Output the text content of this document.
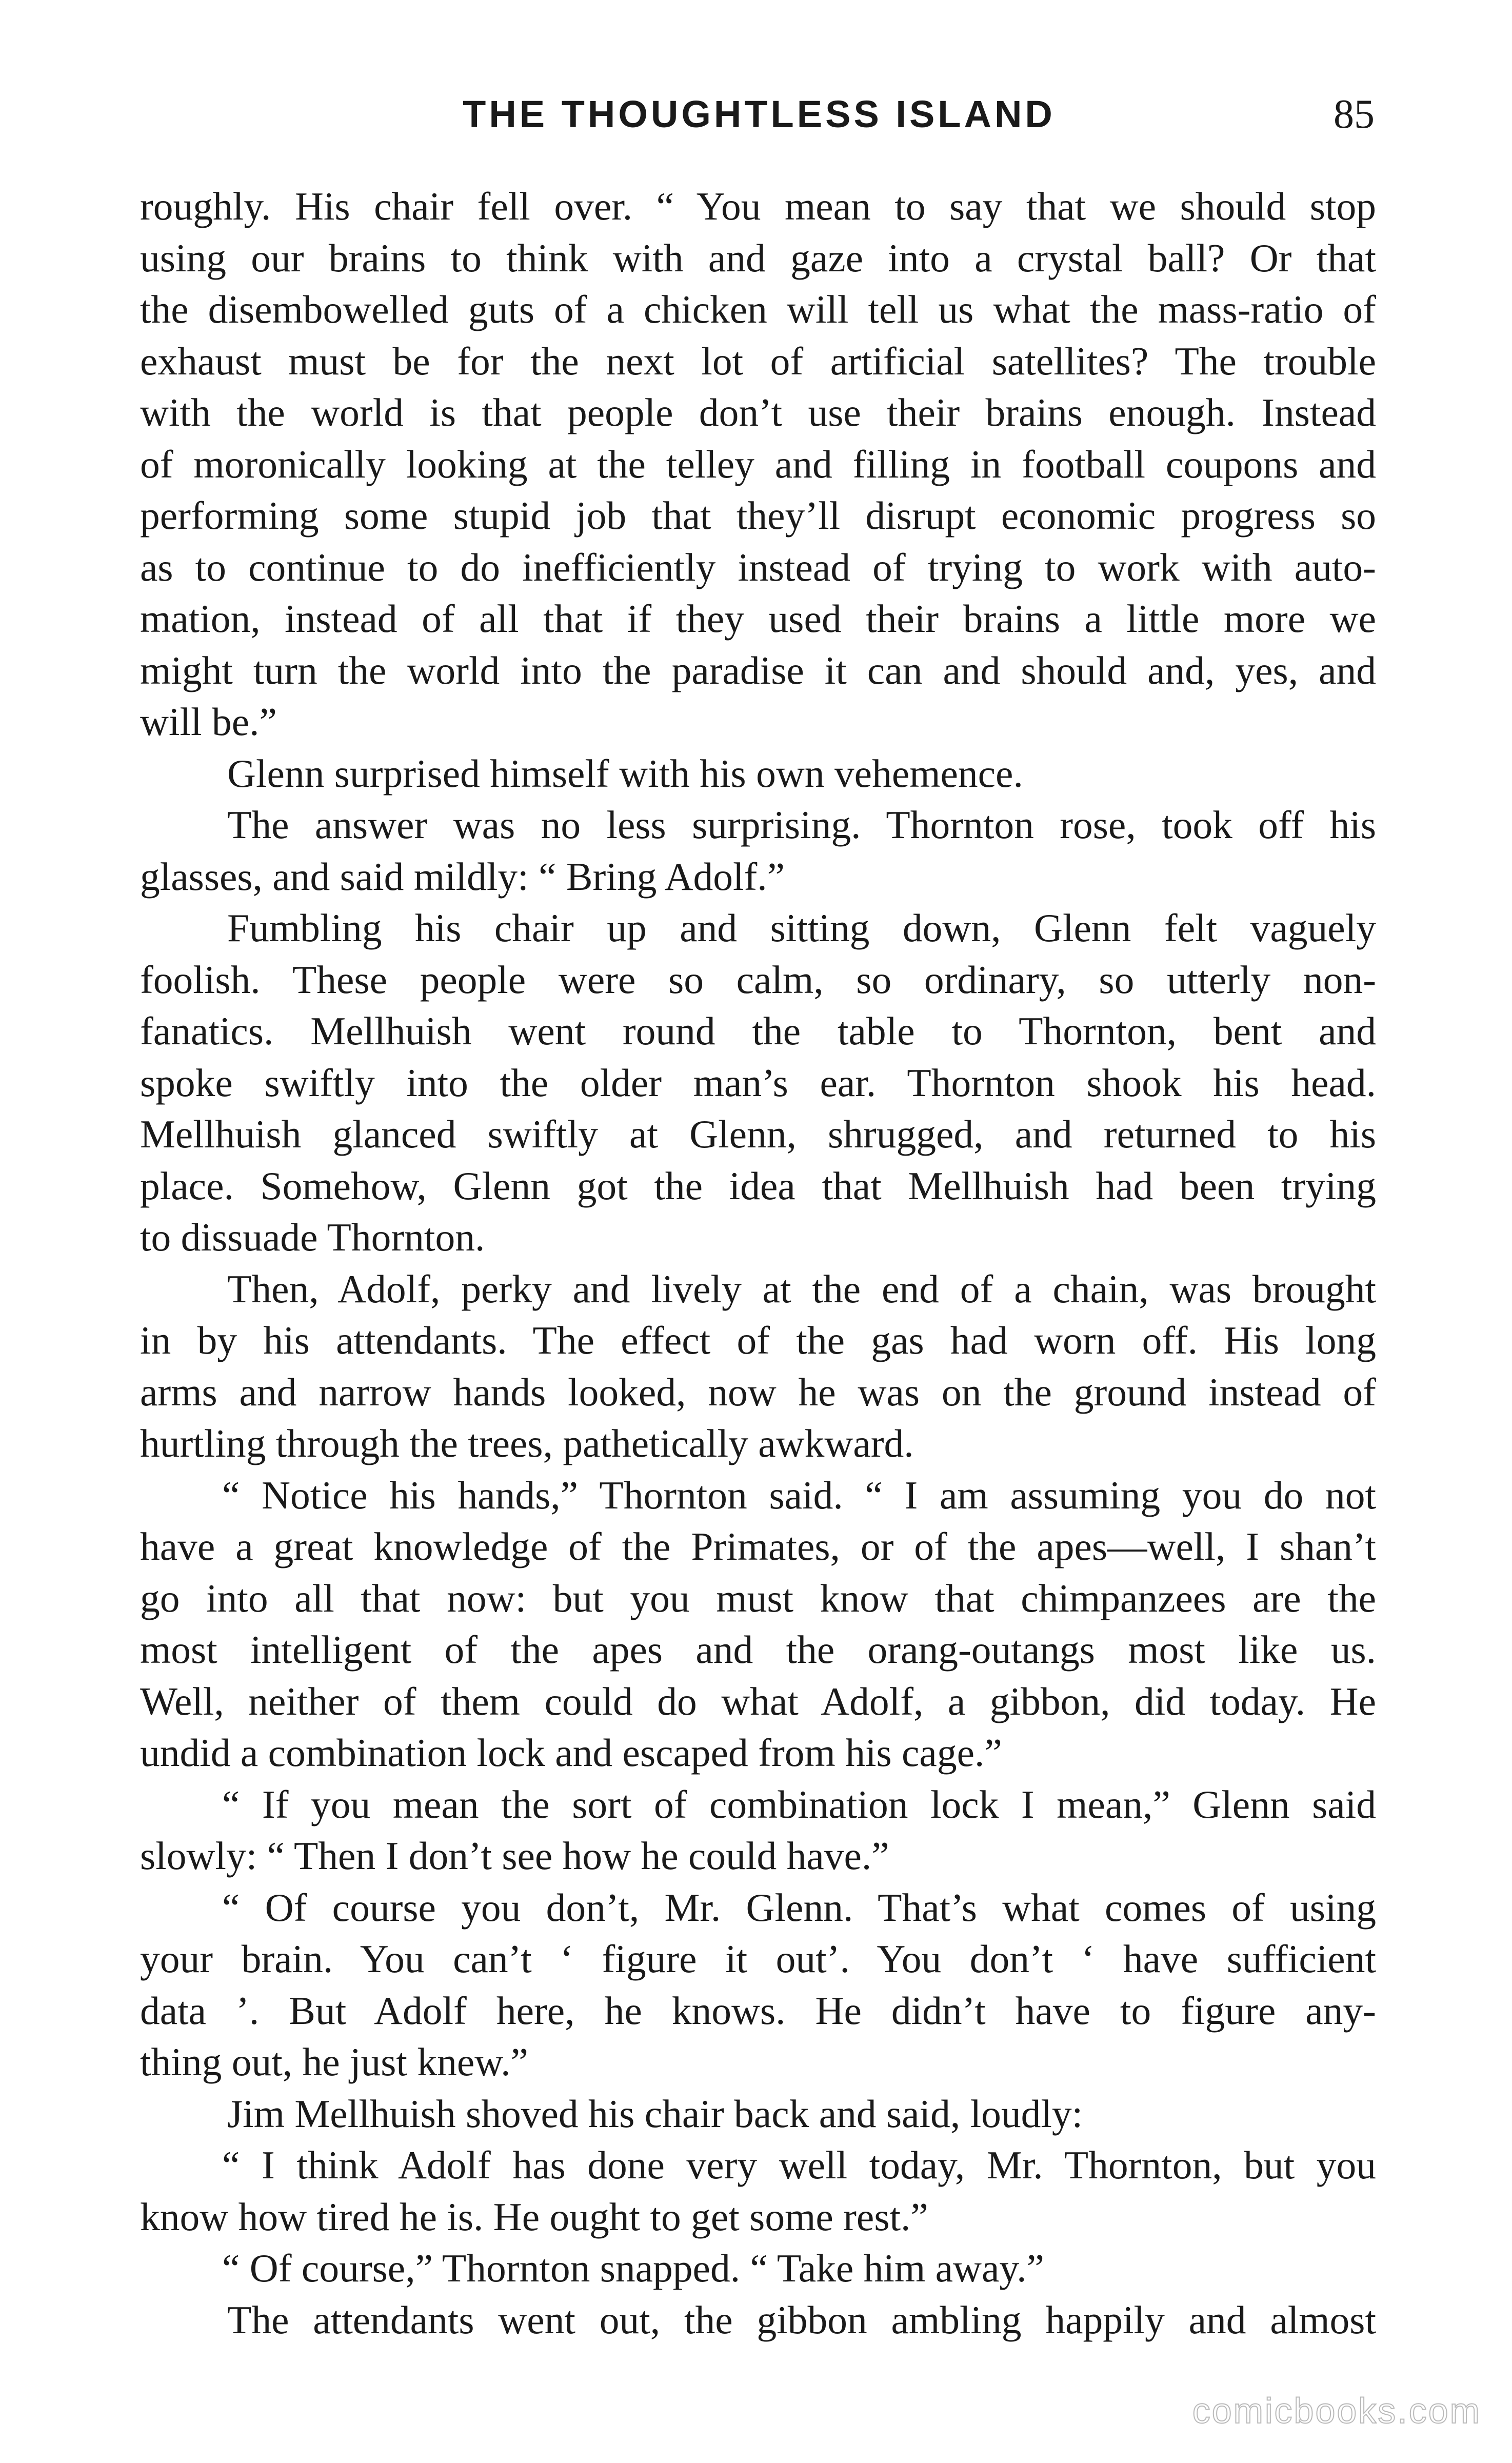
THE THOUGHTLESS ISLAND	85

roughly. His chair fell over. “ You mean to say that we should stop

using our brains to think with and gaze into a crystal ball? Or that

the disembowelled guts of a chicken will tell us what the mass-ratio of

exhaust must be for the next lot of artificial satellites? The trouble

with the world is that people don’t use their brains enough. Instead

of moronically looking at the telley and filling in football coupons and

performing some stupid job that they’ll disrupt economic progress so

as to continue to do inefficiently instead of trying to work with auto-

mation, instead of all that if they used their brains a little more we

might turn the world into the paradise it can and should and, yes, and

will be.”

Glenn surprised himself with his own vehemence.

The answer was no less surprising. Thornton rose, took off his

glasses, and said mildly: “ Bring Adolf.”

Fumbling his chair up and sitting down, Glenn felt vaguely

foolish. These people were so calm, so ordinary, so utterly non-

fanatics. Mellhuish went round the table to Thornton, bent and

spoke swiftly into the older man’s ear. Thornton shook his head.

Mellhuish glanced swiftly at Glenn, shrugged, and returned to his

place. Somehow, Glenn got the idea that Mellhuish had been trying

to dissuade Thornton.

Then, Adolf, perky and lively at the end of a chain, was brought

in by his attendants. The effect of the gas had worn off. His long

arms and narrow hands looked, now he was on the ground instead of

hurtling through the trees, pathetically awkward.

“ Notice his hands,” Thornton said. “ I am assuming you do not

have a great knowledge of the Primates, or of the apes—well, I shan’t

go into all that now: but you must know that chimpanzees are the

most intelligent of the apes and the orang-outangs most like us.

Well, neither of them could do what Adolf, a gibbon, did today. He

undid a combination lock and escaped from his cage.”

“ If you mean the sort of combination lock I mean,” Glenn said

slowly: “ Then I don’t see how he could have.”

“ Of course you don’t, Mr. Glenn. That’s what comes of using

your brain. You can’t ‘ figure it out’. You don’t ‘ have sufficient

data ’. But Adolf here, he knows. He didn’t have to figure any-

thing out, he just knew.”

Jim Mellhuish shoved his chair back and said, loudly:

“ I think Adolf has done very well today, Mr. Thornton, but you

know how tired he is. He ought to get some rest.”

“ Of course,” Thornton snapped. “ Take him away.”

The attendants went out, the gibbon ambling happily and almost

comicbooks.com
